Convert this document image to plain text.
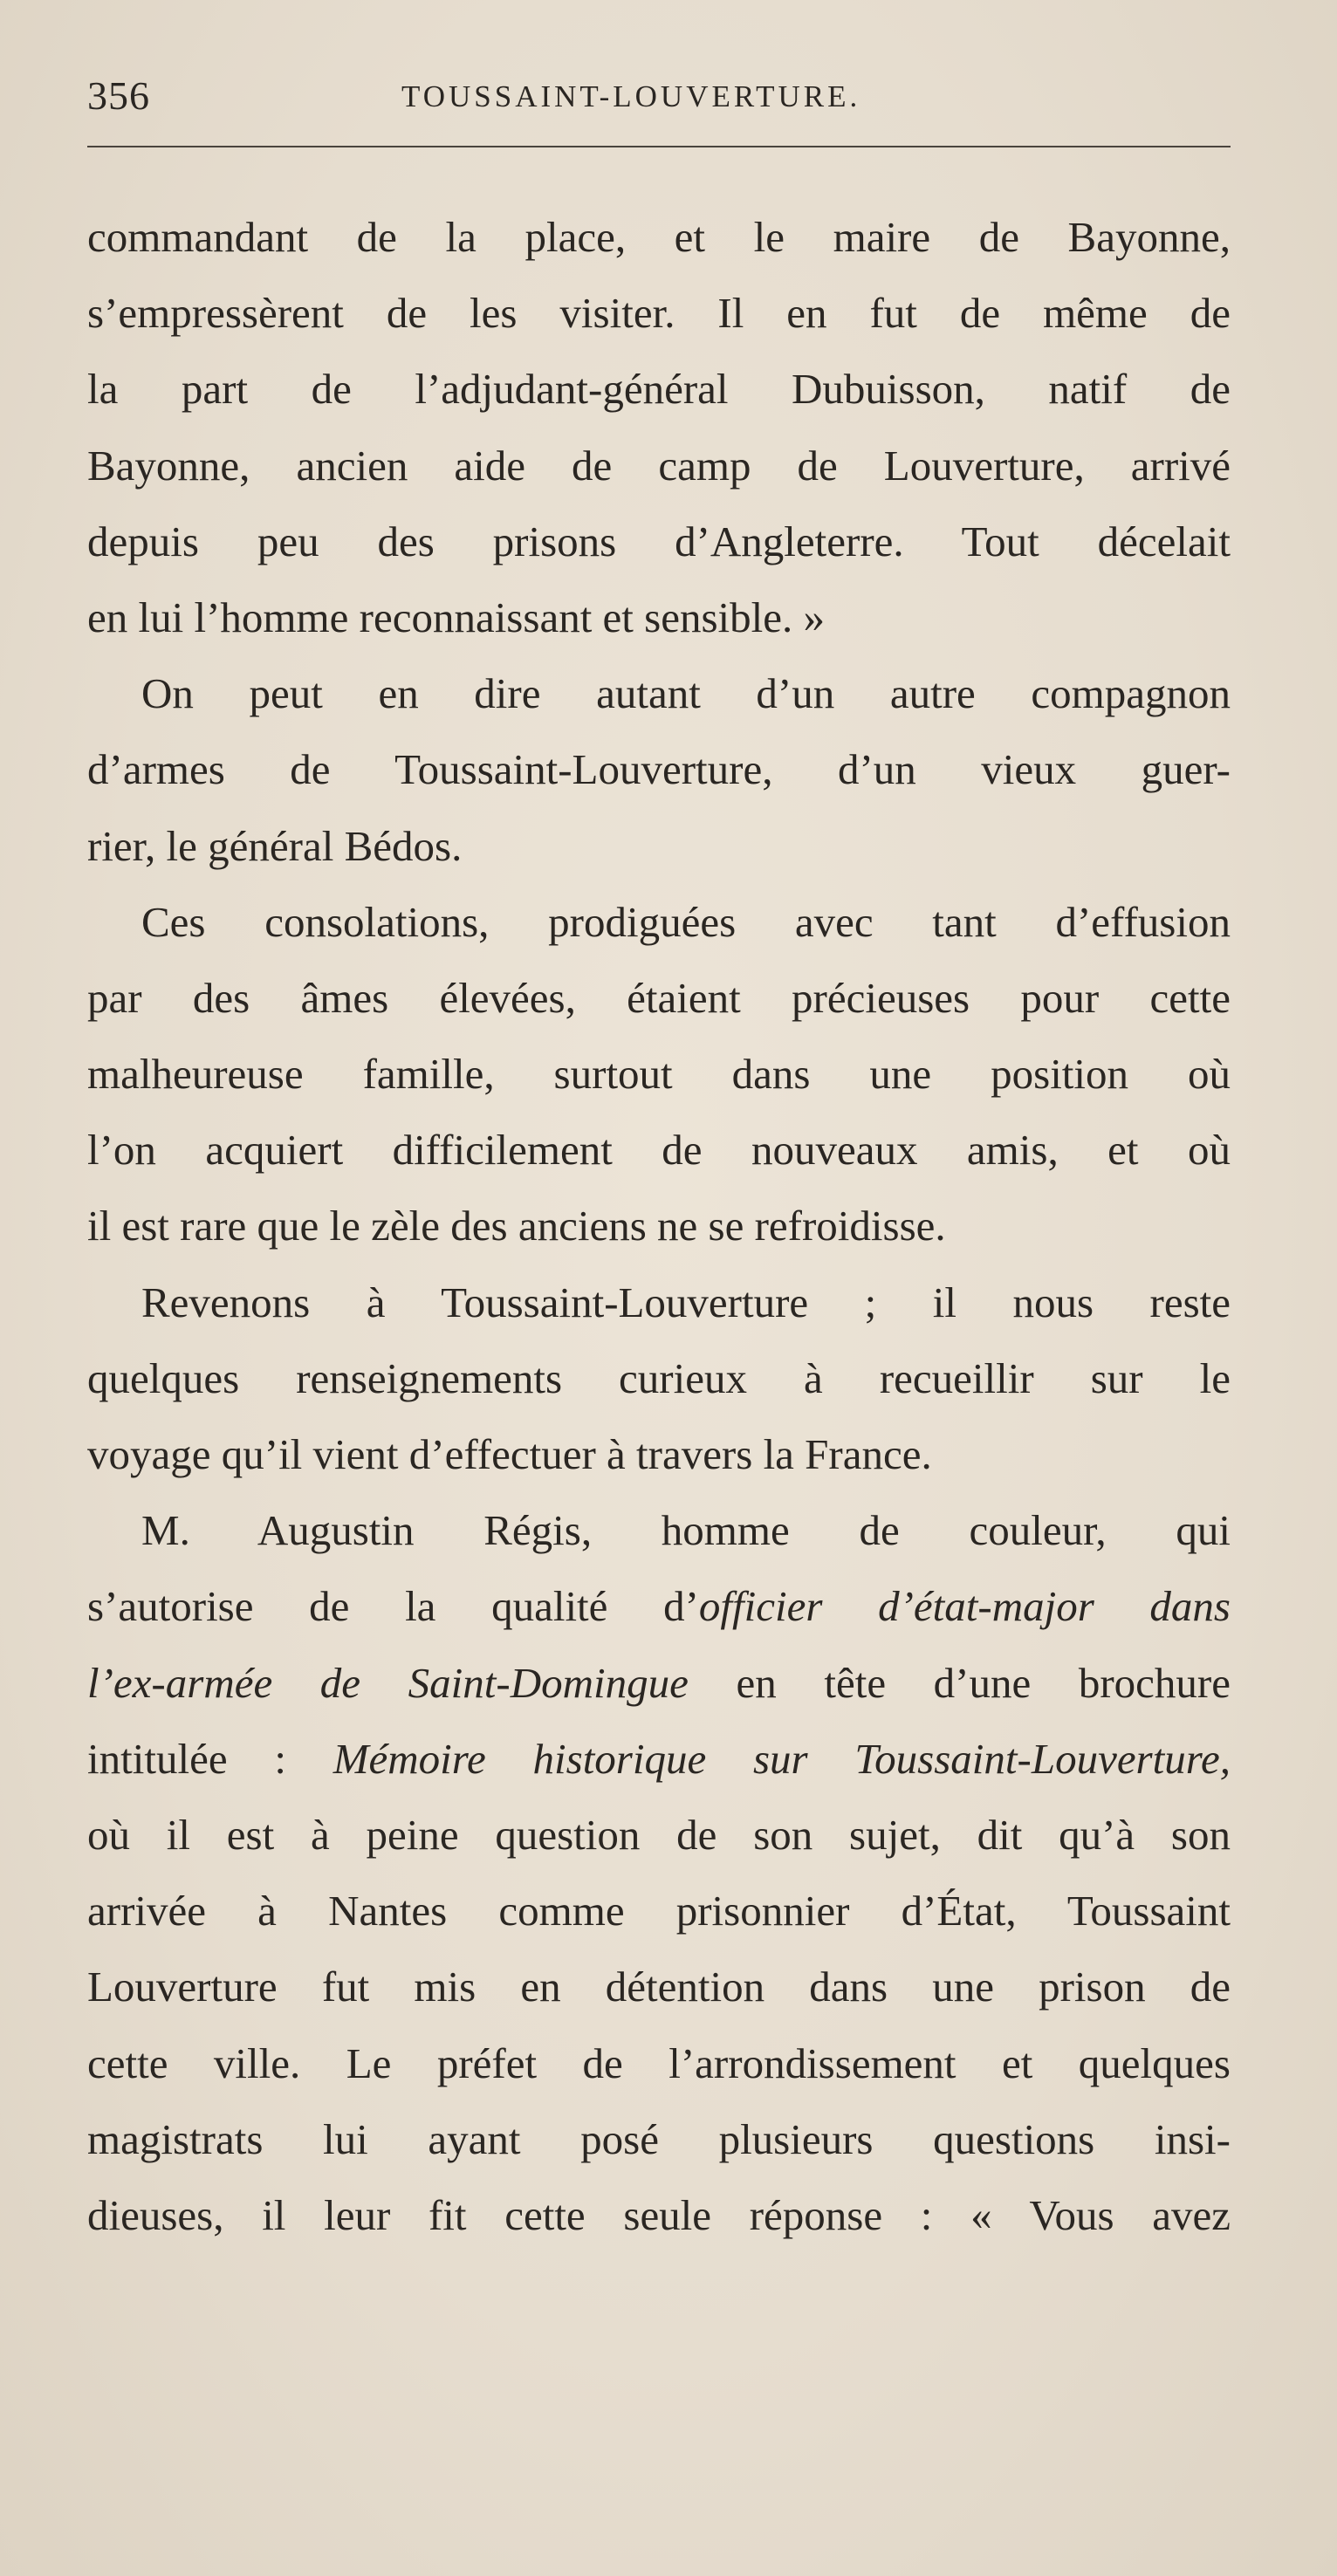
356	TOUSSAINT-LOUVERTURE.
commandant de la place, et le maire de Bayonne,
s’empressèrent de les visiter. Il en fut de même de
la part de l’adjudant-général Dubuisson, natif de
Bayonne, ancien aide de camp de Louverture, arrivé
depuis peu des prisons d’Angleterre. Tout décelait
en lui l’homme reconnaissant et sensible. »
On peut en dire autant d’un autre compagnon
d’armes de Toussaint-Louverture, d’un vieux guer-
rier, le général Bédos.
Ces consolations, prodiguées avec tant d’effusion
par des âmes élevées, étaient précieuses pour cette
malheureuse famille, surtout dans une position où
l’on acquiert difficilement de nouveaux amis, et où
il est rare que le zèle des anciens ne se refroidisse.
Revenons à Toussaint-Louverture ; il nous reste
quelques renseignements curieux à recueillir sur le
voyage qu’il vient d’effectuer à travers la France.
M. Augustin Régis, homme de couleur, qui
s’autorise de la qualité d’officier d’état-major dans
l’ex-armée de Saint-Domingue en tête d’une brochure
intitulée : Mémoire historique sur Toussaint-Louverture,
où il est à peine question de son sujet, dit qu’à son
arrivée à Nantes comme prisonnier d’État, Toussaint
Louverture fut mis en détention dans une prison de
cette ville. Le préfet de l’arrondissement et quelques
magistrats lui ayant posé plusieurs questions insi-
dieuses, il leur fit cette seule réponse : « Vous avez
